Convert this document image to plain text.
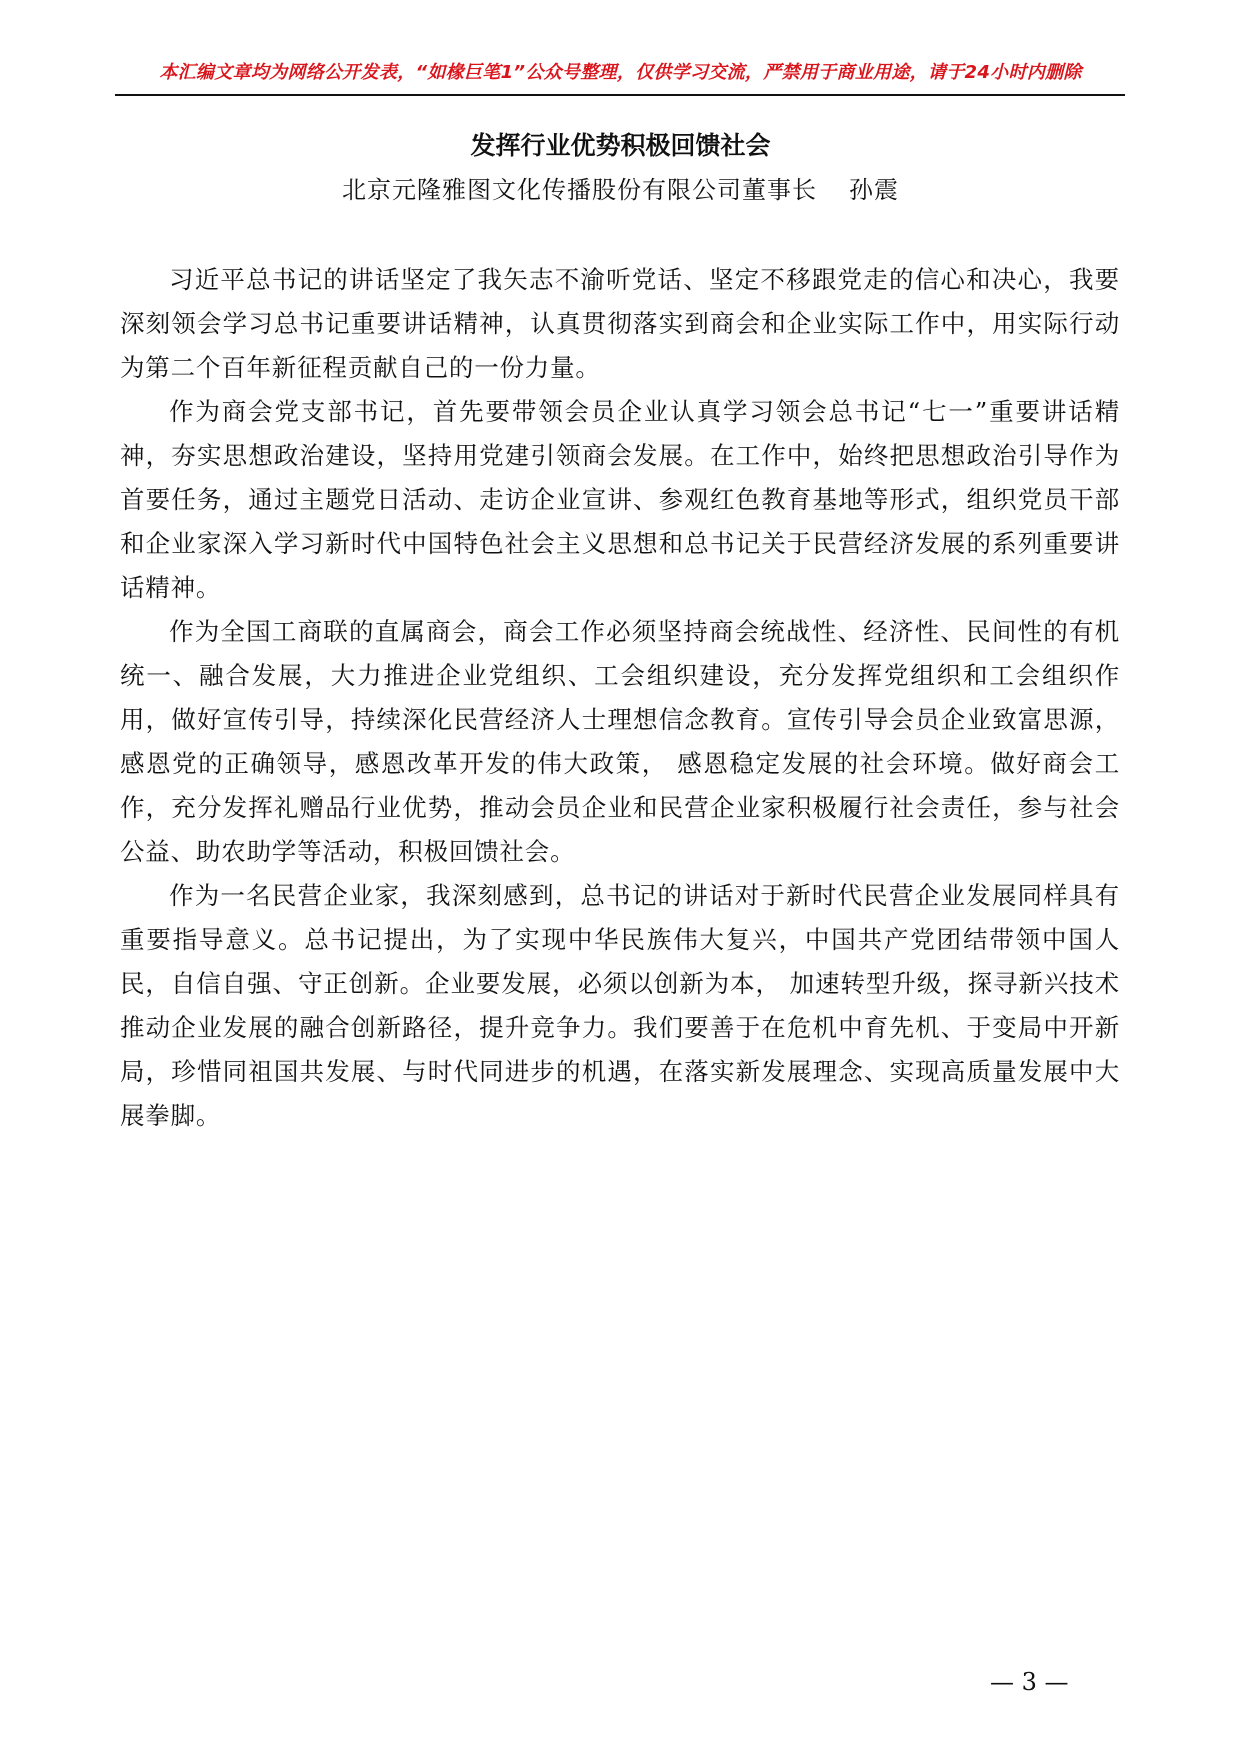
本汇编文章均为网络公开发表，“如椽巨笔1”公众号整理，仅供学习交流，严禁用于商业用途，请于24小时内删除
发挥行业优势积极回馈社会
北京元隆雅图文化传播股份有限公司董事长 孙震

习近平总书记的讲话坚定了我矢志不渝听党话、坚定不移跟党走的信心和决心，我要深刻领会学习总书记重要讲话精神，认真贯彻落实到商会和企业实际工作中，用实际行动为第二个百年新征程贡献自己的一份力量。

作为商会党支部书记，首先要带领会员企业认真学习领会总书记“七一”重要讲话精神，夯实思想政治建设，坚持用党建引领商会发展。在工作中，始终把思想政治引导作为首要任务，通过主题党日活动、走访企业宣讲、参观红色教育基地等形式，组织党员干部和企业家深入学习新时代中国特色社会主义思想和总书记关于民营经济发展的系列重要讲话精神。

作为全国工商联的直属商会，商会工作必须坚持商会统战性、经济性、民间性的有机统一、融合发展，大力推进企业党组织、工会组织建设，充分发挥党组织和工会组织作用，做好宣传引导，持续深化民营经济人士理想信念教育。宣传引导会员企业致富思源，感恩党的正确领导，感恩改革开发的伟大政策， 感恩稳定发展的社会环境。做好商会工作，充分发挥礼赠品行业优势，推动会员企业和民营企业家积极履行社会责任，参与社会公益、助农助学等活动，积极回馈社会。

作为一名民营企业家，我深刻感到，总书记的讲话对于新时代民营企业发展同样具有重要指导意义。总书记提出，为了实现中华民族伟大复兴，中国共产党团结带领中国人民，自信自强、守正创新。企业要发展，必须以创新为本， 加速转型升级，探寻新兴技术推动企业发展的融合创新路径，提升竞争力。我们要善于在危机中育先机、于变局中开新局，珍惜同祖国共发展、与时代同进步的机遇，在落实新发展理念、实现高质量发展中大展拳脚。

— 3 —
